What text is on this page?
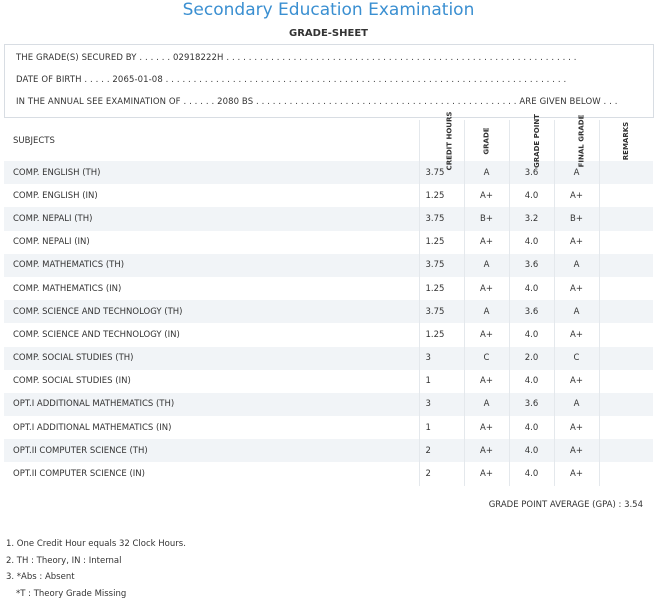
Secondary Education Examination
GRADE-SHEET
THE GRADE(S) SECURED BY . . . . . . 02918222H . . . . . . . . . . . . . . . . . . . . . . . . . . . . . . . . . . . . . . . . . . . . . . . . . . . . . . . . . . . . . . .
DATE OF BIRTH . . . . . 2065-01-08 . . . . . . . . . . . . . . . . . . . . . . . . . . . . . . . . . . . . . . . . . . . . . . . . . . . . . . . . . . . . . . . . . . . . . . . .
IN THE ANNUAL SEE EXAMINATION OF . . . . . . 2080 BS . . . . . . . . . . . . . . . . . . . . . . . . . . . . . . . . . . . . . . . . . . . . . . . ARE GIVEN BELOW . . .
SUBJECTS	CREDIT HOURS	GRADE	GRADE POINT	FINAL GRADE	REMARKS
COMP. ENGLISH (TH)	3.75	A	3.6	A	
COMP. ENGLISH (IN)	1.25	A+	4.0	A+	
COMP. NEPALI (TH)	3.75	B+	3.2	B+	
COMP. NEPALI (IN)	1.25	A+	4.0	A+	
COMP. MATHEMATICS (TH)	3.75	A	3.6	A	
COMP. MATHEMATICS (IN)	1.25	A+	4.0	A+	
COMP. SCIENCE AND TECHNOLOGY (TH)	3.75	A	3.6	A	
COMP. SCIENCE AND TECHNOLOGY (IN)	1.25	A+	4.0	A+	
COMP. SOCIAL STUDIES (TH)	3	C	2.0	C	
COMP. SOCIAL STUDIES (IN)	1	A+	4.0	A+	
OPT.I ADDITIONAL MATHEMATICS (TH)	3	A	3.6	A	
OPT.I ADDITIONAL MATHEMATICS (IN)	1	A+	4.0	A+	
OPT.II COMPUTER SCIENCE (TH)	2	A+	4.0	A+	
OPT.II COMPUTER SCIENCE (IN)	2	A+	4.0	A+	
GRADE POINT AVERAGE (GPA) : 3.54
1. One Credit Hour equals 32 Clock Hours.
2. TH : Theory, IN : Internal
3. *Abs : Absent
*T : Theory Grade Missing
